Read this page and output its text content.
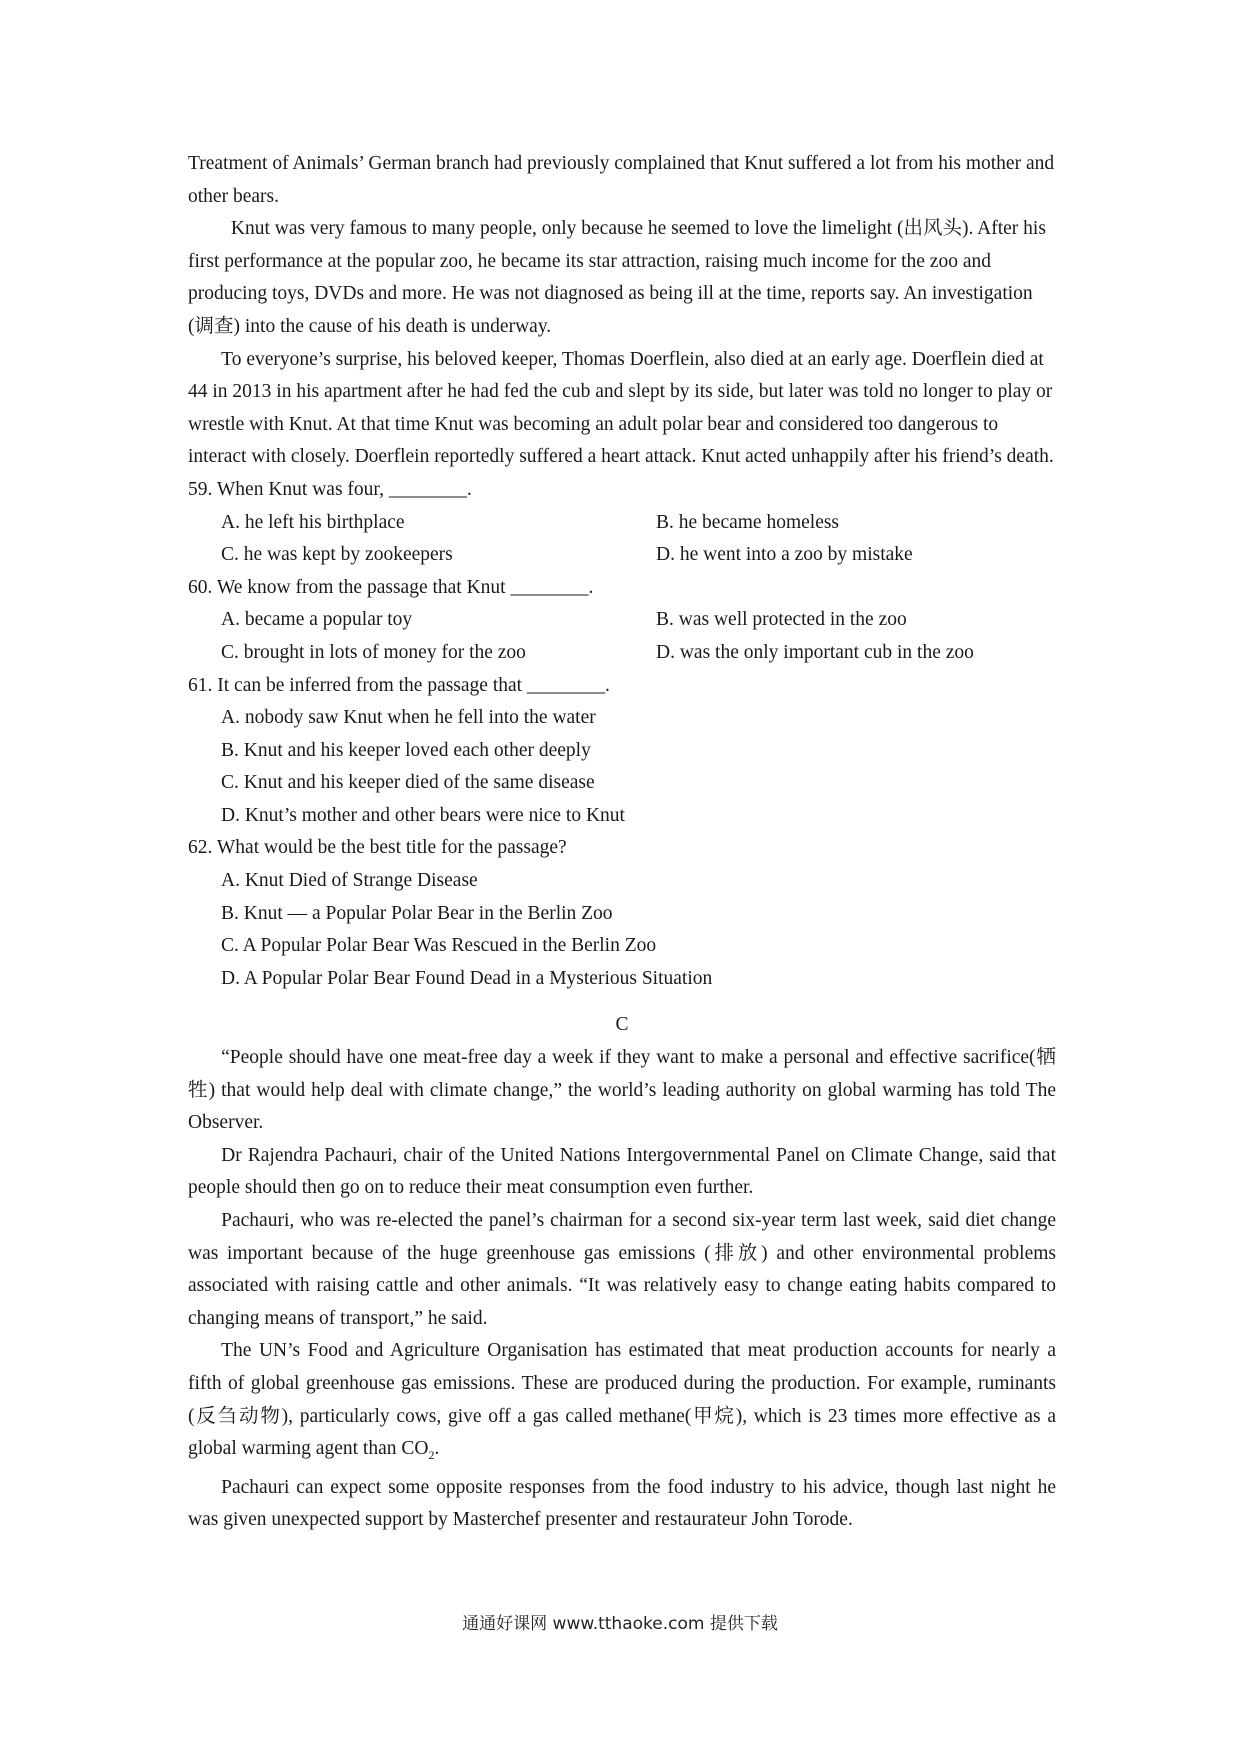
Treatment of Animals’ German branch had previously complained that Knut suffered a lot from his mother and other bears.

Knut was very famous to many people, only because he seemed to love the limelight (出风头). After his first performance at the popular zoo, he became its star attraction, raising much income for the zoo and producing toys, DVDs and more. He was not diagnosed as being ill at the time, reports say. An investigation (调查) into the cause of his death is underway.

To everyone’s surprise, his beloved keeper, Thomas Doerflein, also died at an early age. Doerflein died at 44 in 2013 in his apartment after he had fed the cub and slept by its side, but later was told no longer to play or wrestle with Knut. At that time Knut was becoming an adult polar bear and considered too dangerous to interact with closely. Doerflein reportedly suffered a heart attack. Knut acted unhappily after his friend’s death.

59. When Knut was four, ________.

A. he left his birthplace	B. he became homeless
C. he was kept by zookeepers	D. he went into a zoo by mistake

60. We know from the passage that Knut ________.

A. became a popular toy	B. was well protected in the zoo
C. brought in lots of money for the zoo	D. was the only important cub in the zoo

61. It can be inferred from the passage that ________.

A. nobody saw Knut when he fell into the water

B. Knut and his keeper loved each other deeply

C. Knut and his keeper died of the same disease

D. Knut’s mother and other bears were nice to Knut

62. What would be the best title for the passage?

A. Knut Died of Strange Disease

B. Knut — a Popular Polar Bear in the Berlin Zoo

C. A Popular Polar Bear Was Rescued in the Berlin Zoo

D. A Popular Polar Bear Found Dead in a Mysterious Situation

C

“People should have one meat-free day a week if they want to make a personal and effective sacrifice(牺牲) that would help deal with climate change,” the world’s leading authority on global warming has told The Observer.

Dr Rajendra Pachauri, chair of the United Nations Intergovernmental Panel on Climate Change, said that people should then go on to reduce their meat consumption even further.

Pachauri, who was re-elected the panel’s chairman for a second six-year term last week, said diet change was important because of the huge greenhouse gas emissions (排放) and other environmental problems associated with raising cattle and other animals. “It was relatively easy to change eating habits compared to changing means of transport,” he said.

The UN’s Food and Agriculture Organisation has estimated that meat production accounts for nearly a fifth of global greenhouse gas emissions. These are produced during the production. For example, ruminants (反刍动物), particularly cows, give off a gas called methane(甲烷), which is 23 times more effective as a global warming agent than $CO_2$.

Pachauri can expect some opposite responses from the food industry to his advice, though last night he was given unexpected support by Masterchef presenter and restaurateur John Torode.

通通好课网 www.tthaoke.com 提供下载
